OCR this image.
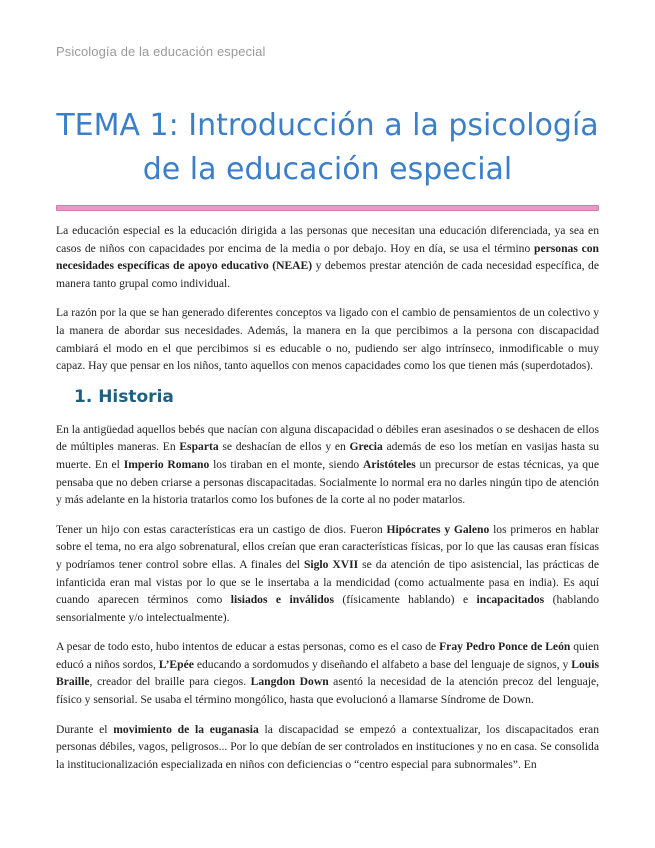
Psicología de la educación especial
TEMA 1: Introducción a la psicología de la educación especial

La educación especial es la educación dirigida a las personas que necesitan una educación diferenciada, ya sea en casos de niños con capacidades por encima de la media o por debajo. Hoy en día, se usa el término personas con necesidades específicas de apoyo educativo (NEAE) y debemos prestar atención de cada necesidad específica, de manera tanto grupal como individual.

La razón por la que se han generado diferentes conceptos va ligado con el cambio de pensamientos de un colectivo y la manera de abordar sus necesidades. Además, la manera en la que percibimos a la persona con discapacidad cambiará el modo en el que percibimos si es educable o no, pudiendo ser algo intrínseco, inmodificable o muy capaz. Hay que pensar en los niños, tanto aquellos con menos capacidades como los que tienen más (superdotados).

1. Historia

En la antigüedad aquellos bebés que nacían con alguna discapacidad o débiles eran asesinados o se deshacen de ellos de múltiples maneras. En Esparta se deshacían de ellos y en Grecia además de eso los metían en vasijas hasta su muerte. En el Imperio Romano los tiraban en el monte, siendo Aristóteles un precursor de estas técnicas, ya que pensaba que no deben criarse a personas discapacitadas. Socialmente lo normal era no darles ningún tipo de atención y más adelante en la historia tratarlos como los bufones de la corte al no poder matarlos.

Tener un hijo con estas características era un castigo de dios. Fueron Hipócrates y Galeno los primeros en hablar sobre el tema, no era algo sobrenatural, ellos creían que eran características físicas, por lo que las causas eran físicas y podríamos tener control sobre ellas. A finales del Siglo XVII se da atención de tipo asistencial, las prácticas de infanticida eran mal vistas por lo que se le insertaba a la mendicidad (como actualmente pasa en india). Es aquí cuando aparecen términos como lisiados e inválidos (físicamente hablando) e incapacitados (hablando sensorialmente y/o intelectualmente).

A pesar de todo esto, hubo intentos de educar a estas personas, como es el caso de Fray Pedro Ponce de León quien educó a niños sordos, L’Epée educando a sordomudos y diseñando el alfabeto a base del lenguaje de signos, y Louis Braille, creador del braille para ciegos. Langdon Down asentó la necesidad de la atención precoz del lenguaje, físico y sensorial. Se usaba el término mongólico, hasta que evolucionó a llamarse Síndrome de Down.

Durante el movimiento de la euganasia la discapacidad se empezó a contextualizar, los discapacitados eran personas débiles, vagos, peligrosos... Por lo que debían de ser controlados en instituciones y no en casa. Se consolida la institucionalización especializada en niños con deficiencias o “centro especial para subnormales”. En
